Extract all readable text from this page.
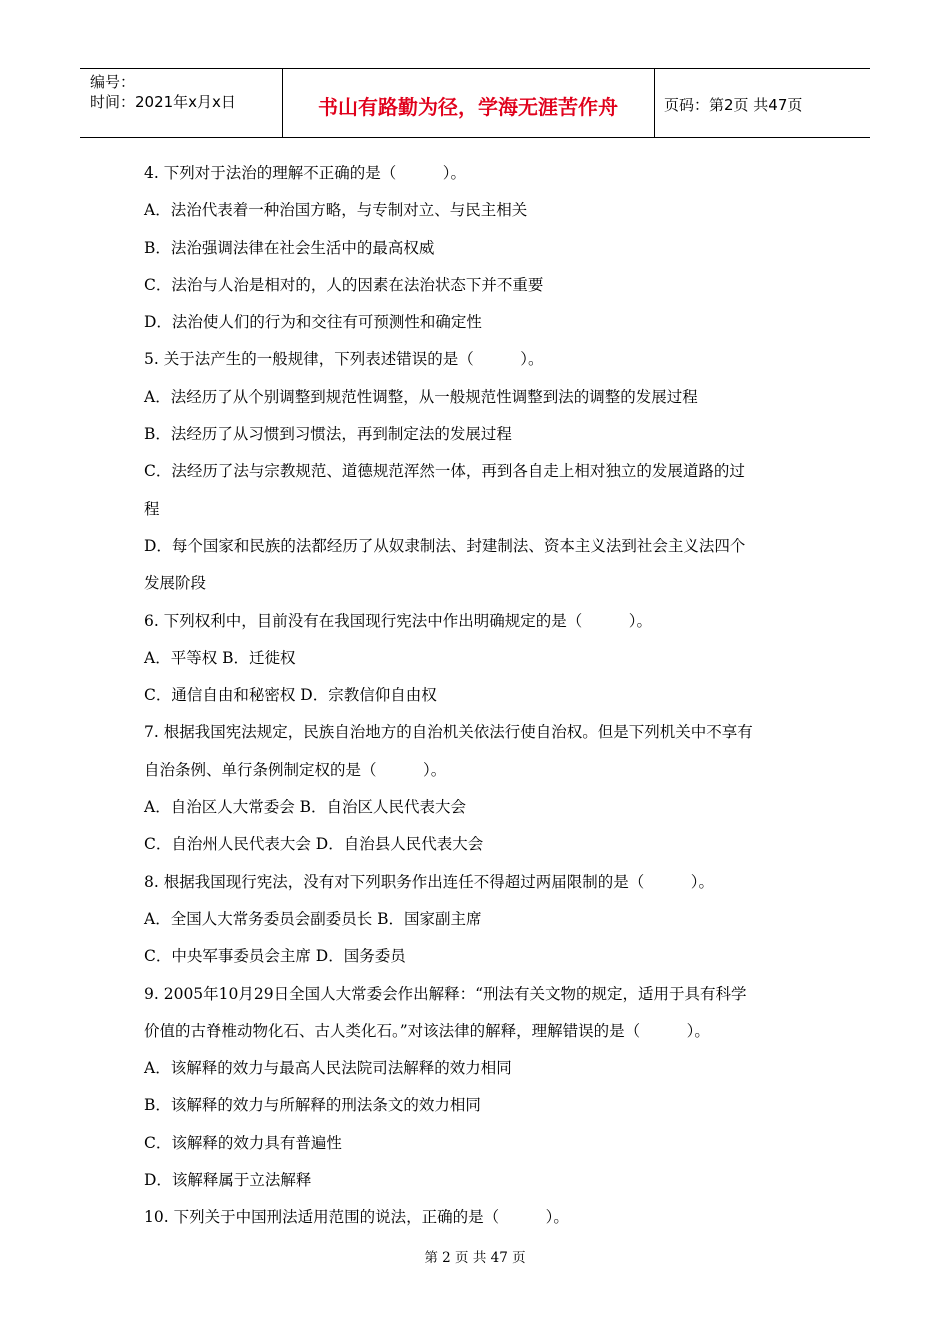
编号：
时间：2021年x月x日	书山有路勤为径，学海无涯苦作舟	页码：第2页 共47页
4. 下列对于法治的理解不正确的是（　　　）。
A．法治代表着一种治国方略，与专制对立、与民主相关
B．法治强调法律在社会生活中的最高权威
C．法治与人治是相对的，人的因素在法治状态下并不重要
D．法治使人们的行为和交往有可预测性和确定性
5. 关于法产生的一般规律，下列表述错误的是（　　　）。
A．法经历了从个别调整到规范性调整，从一般规范性调整到法的调整的发展过程
B．法经历了从习惯到习惯法，再到制定法的发展过程
C．法经历了法与宗教规范、道德规范浑然一体，再到各自走上相对独立的发展道路的过
程
D．每个国家和民族的法都经历了从奴隶制法、封建制法、资本主义法到社会主义法四个
发展阶段
6. 下列权利中，目前没有在我国现行宪法中作出明确规定的是（　　　）。
A．平等权 B．迁徙权
C．通信自由和秘密权 D．宗教信仰自由权
7. 根据我国宪法规定，民族自治地方的自治机关依法行使自治权。但是下列机关中不享有
自治条例、单行条例制定权的是（　　　）。
A．自治区人大常委会 B．自治区人民代表大会
C．自治州人民代表大会 D．自治县人民代表大会
8. 根据我国现行宪法，没有对下列职务作出连任不得超过两届限制的是（　　　）。
A．全国人大常务委员会副委员长 B．国家副主席
C．中央军事委员会主席 D．国务委员
9. 2005年10月29日全国人大常委会作出解释：“刑法有关文物的规定，适用于具有科学
价值的古脊椎动物化石、古人类化石。”对该法律的解释，理解错误的是（　　　）。
A．该解释的效力与最高人民法院司法解释的效力相同
B．该解释的效力与所解释的刑法条文的效力相同
C．该解释的效力具有普遍性
D．该解释属于立法解释
10. 下列关于中国刑法适用范围的说法，正确的是（　　　）。
第 2 页 共 47 页
